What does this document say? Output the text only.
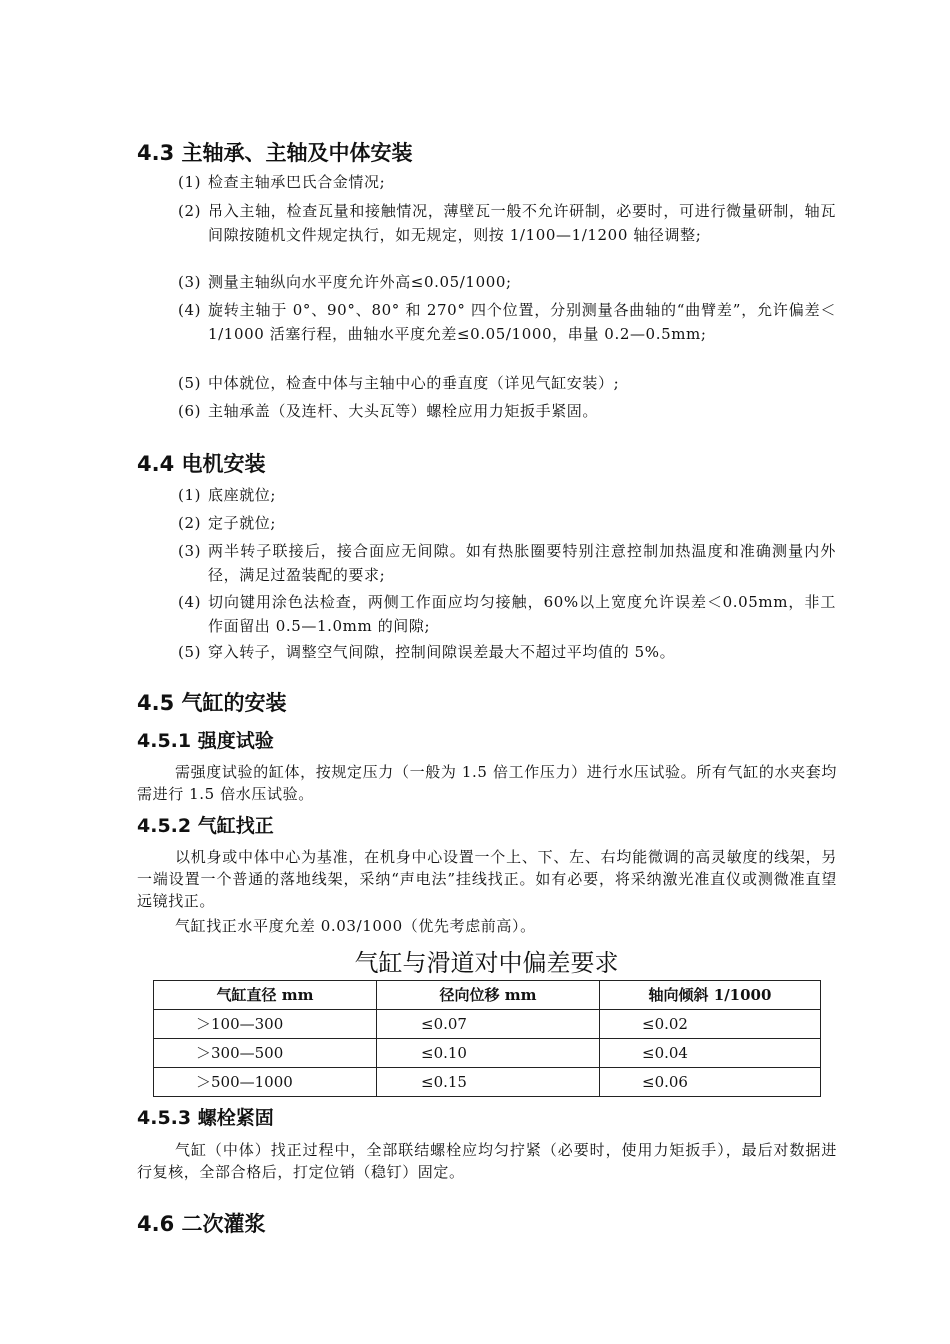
4.3 主轴承、主轴及中体安装
(1) 检查主轴承巴氏合金情况;
(2) 吊入主轴，检查瓦量和接触情况，薄壁瓦一般不允许研制，必要时，可进行微量研制，轴瓦间隙按随机文件规定执行，如无规定，则按 1/100—1/1200 轴径调整;
(3) 测量主轴纵向水平度允许外高≤0.05/1000;
(4) 旋转主轴于 0°、90°、80° 和 270° 四个位置，分别测量各曲轴的“曲臂差”，允许偏差＜1/1000 活塞行程，曲轴水平度允差≤0.05/1000，串量 0.2—0.5mm;
(5) 中体就位，检查中体与主轴中心的垂直度（详见气缸安装）;
(6) 主轴承盖（及连杆、大头瓦等）螺栓应用力矩扳手紧固。
4.4 电机安装
(1) 底座就位;
(2) 定子就位;
(3) 两半转子联接后，接合面应无间隙。如有热胀圈要特别注意控制加热温度和准确测量内外径，满足过盈装配的要求;
(4) 切向键用涂色法检查，两侧工作面应均匀接触，60%以上宽度允许误差＜0.05mm，非工作面留出 0.5—1.0mm 的间隙;
(5) 穿入转子，调整空气间隙，控制间隙误差最大不超过平均值的 5%。
4.5 气缸的安装
4.5.1 强度试验

需强度试验的缸体，按规定压力（一般为 1.5 倍工作压力）进行水压试验。所有气缸的水夹套均需进行 1.5 倍水压试验。

4.5.2 气缸找正

以机身或中体中心为基准，在机身中心设置一个上、下、左、右均能微调的高灵敏度的线架，另一端设置一个普通的落地线架，采纳“声电法”挂线找正。如有必要，将采纳激光准直仪或测微准直望远镜找正。

气缸找正水平度允差 0.03/1000（优先考虑前高）。

气缸与滑道对中偏差要求
气缸直径 mm	径向位移 mm	轴向倾斜 1/1000
＞100—300	≤0.07	≤0.02
＞300—500	≤0.10	≤0.04
＞500—1000	≤0.15	≤0.06
4.5.3 螺栓紧固

气缸（中体）找正过程中，全部联结螺栓应均匀拧紧（必要时，使用力矩扳手），最后对数据进行复核，全部合格后，打定位销（稳钉）固定。

4.6 二次灌浆
